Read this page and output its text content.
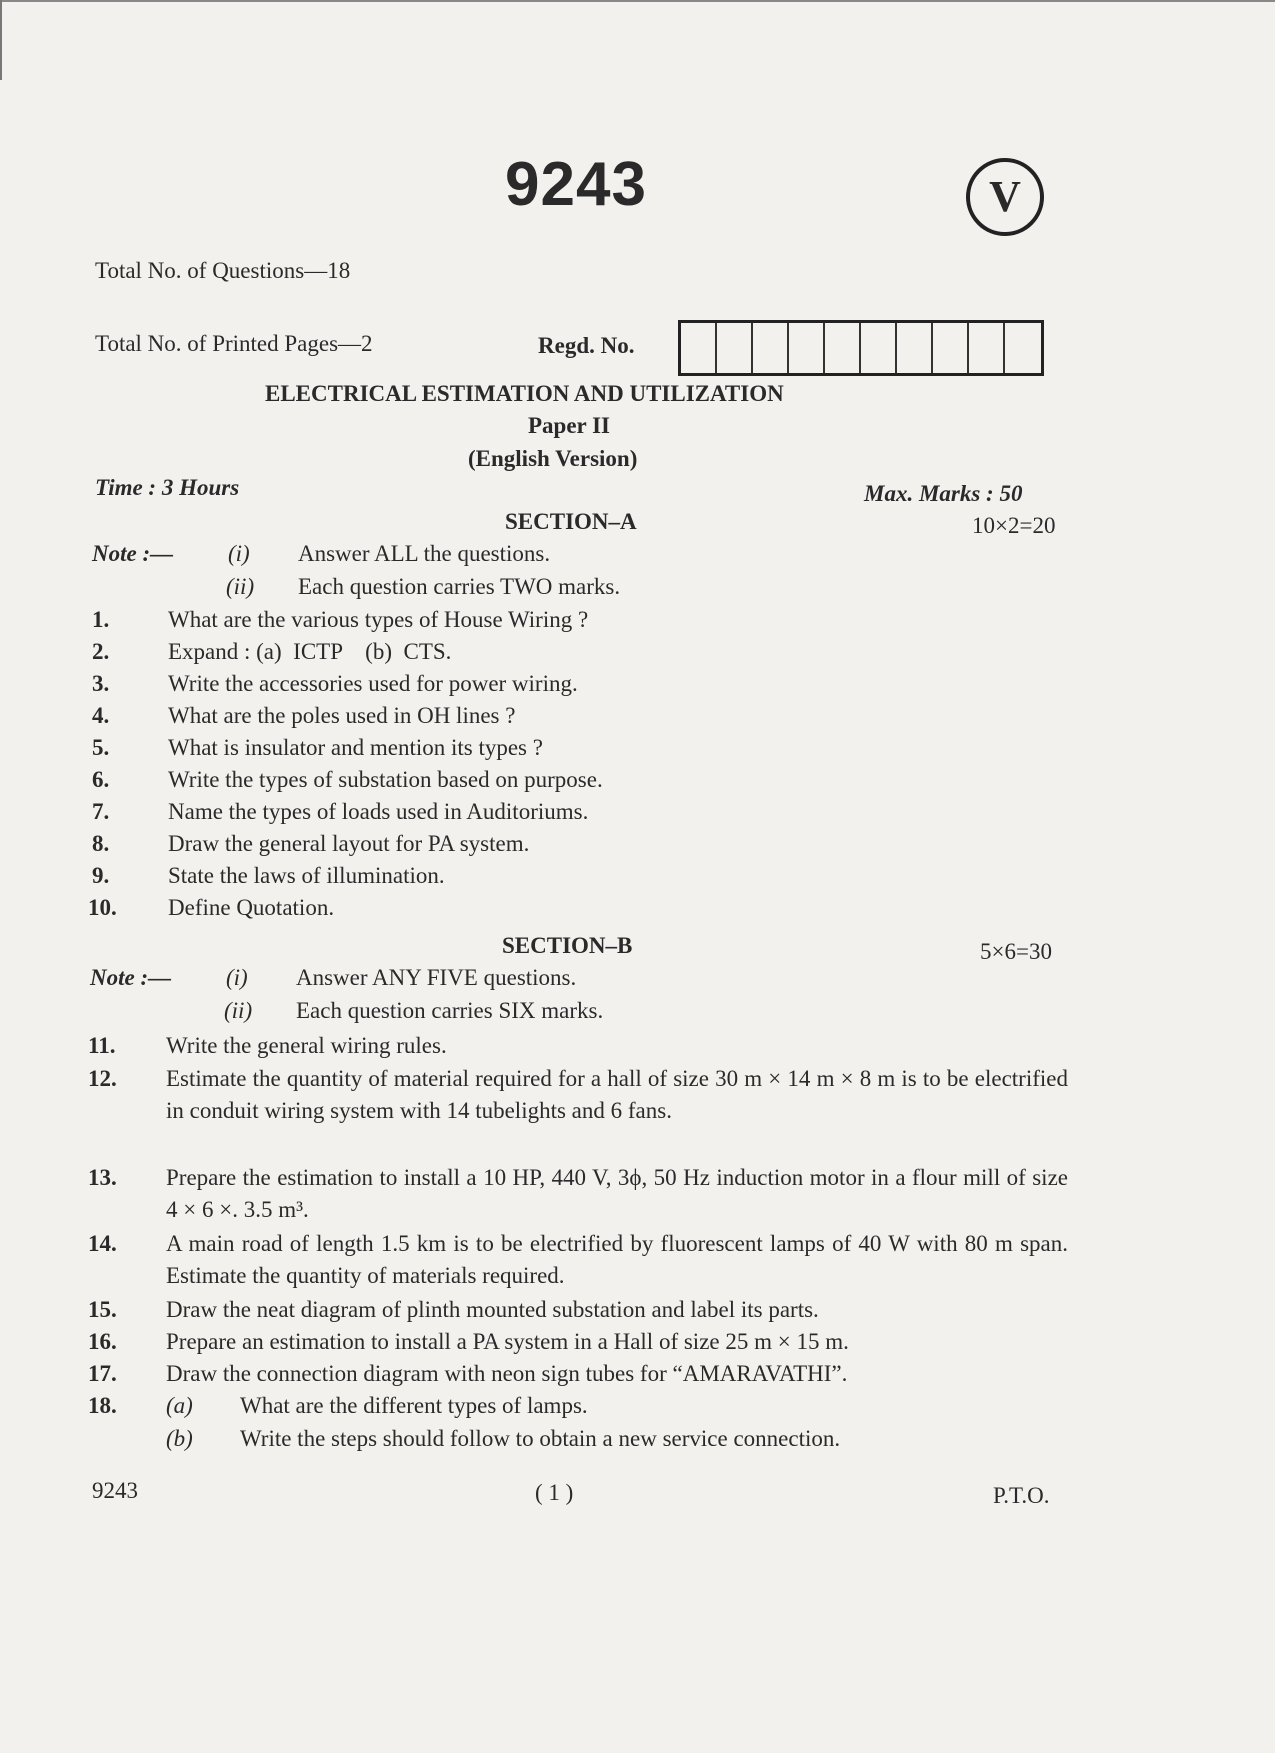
9243	V
Total No. of Questions—18
Total No. of Printed Pages—2	Regd. No.
ELECTRICAL ESTIMATION AND UTILIZATION
Paper II
(English Version)
Time : 3 Hours	Max. Marks : 50
SECTION–A	10×2=20
Note :— (i) Answer ALL the questions.
(ii) Each question carries TWO marks.
1.	What are the various types of House Wiring ?
2.	Expand : (a)  ICTP    (b)  CTS.
3.	Write the accessories used for power wiring.
4.	What are the poles used in OH lines ?
5.	What is insulator and mention its types ?
6.	Write the types of substation based on purpose.
7.	Name the types of loads used in Auditoriums.
8.	Draw the general layout for PA system.
9.	State the laws of illumination.
10. Define Quotation.
SECTION–B	5×6=30
Note :— (i) Answer ANY FIVE questions.
(ii) Each question carries SIX marks.
11. Write the general wiring rules.
12. Estimate the quantity of material required for a hall of size 30 m × 14 m × 8 m is to be electrified in conduit wiring system with 14 tubelights and 6 fans.
13. Prepare the estimation to install a 10 HP, 440 V, 3ϕ, 50 Hz induction motor in a flour mill of size 4 × 6 ×. 3.5 m³.
14. A main road of length 1.5 km is to be electrified by fluorescent lamps of 40 W with 80 m span. Estimate the quantity of materials required.
15. Draw the neat diagram of plinth mounted substation and label its parts.
16. Prepare an estimation to install a PA system in a Hall of size 25 m × 15 m.
17. Draw the connection diagram with neon sign tubes for “AMARAVATHI”.
18. (a) What are the different types of lamps.
(b) Write the steps should follow to obtain a new service connection.
9243	( 1 )	P.T.O.
